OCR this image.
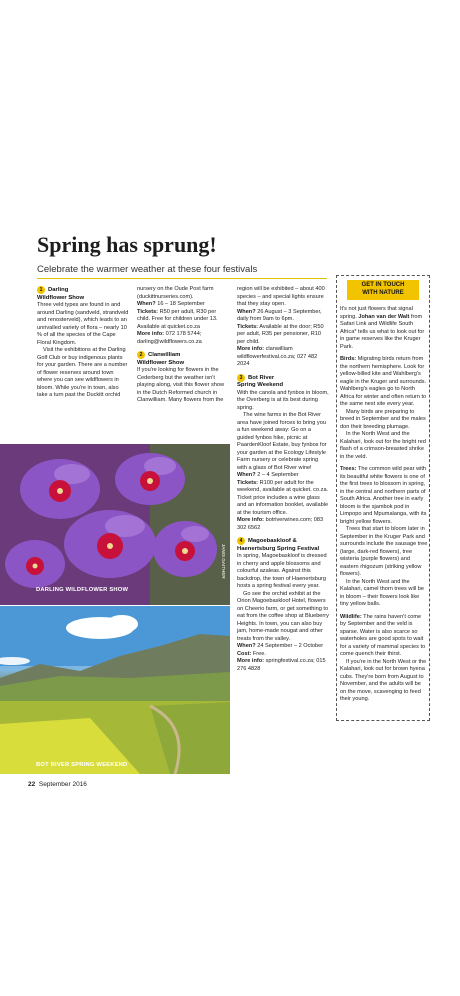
Spring has sprung!
Celebrate the warmer weather at these four festivals
1 Darling
Wildflower Show

Three veld types are found in and around Darling (sandveld, strandveld and renosterveld), which leads to an unrivalled variety of flora – nearly 10 % of all the species of the Cape Floral Kingdom.

Visit the exhibitions at the Darling Golf Club or buy indigenous plants for your garden. There are a number of flower reserves around town where you can see wildflowers in bloom. While you're in town, also take a turn past the Duckitt orchid

nursery on the Oude Post farm (duckittnurseries.com).

When? 16 – 18 September

Tickets: R50 per adult, R30 per child. Free for children under 13. Available at quicket.co.za

More info: 072 178 5744; darling@wildflowers.co.za

2 Clanwilliam
Wildflower Show

If you're looking for flowers in the Cederberg but the weather isn't playing along, visit this flower show in the Dutch Reformed church in Clanwilliam. Many flowers from the

region will be exhibited – about 400 species – and special lights ensure that they stay open.

When? 26 August – 3 September, daily from 9am to 6pm.

Tickets: Available at the door; R50 per adult, R35 per pensioner, R10 per child.

More info: clanwilliam wildflowerfestival.co.za; 027 482 2024

3 Bot River
Spring Weekend

With the canola and fynbos in bloom, the Overberg is at its best during spring.

The wine farms in the Bot River area have joined forces to bring you a fun weekend away: Go on a guided fynbos hike, picnic at PaardenKloof Estate, buy fynbos for your garden at the Ecology Lifestyle Farm nursery or celebrate spring with a glass of Bot River wine!

When? 2 – 4 September

Tickets: R100 per adult for the weekend, available at quicket. co.za. Ticket price includes a wine glass and an information booklet, available at the tourism office.

More info: botriverwines.com; 083 302 6562

4 Magoebaskloof &
Haenertsburg Spring Festival

In spring, Magoebaskloof is dressed in cherry and apple blossoms and colourful azaleas. Against this backdrop, the town of Haenertsburg hosts a spring festival every year.

Go see the orchid exhibit at the Orion Magoebaskloof Hotel, flowers on Cheerio farm, or get something to eat from the coffee shop at Blueberry Heights. In town, you can also buy jam, home-made nougat and other treats from the valley.

When? 24 September – 2 October

Cost: Free.

More info: springfestival.co.za; 015 276 4828

GET IN TOUCH
WITH NATURE

It's not just flowers that signal spring. Johan van der Walt from Safari Link and Wildlife South Africa* tells us what to look out for in game reserves like the Kruger Park.

Birds: Migrating birds return from the northern hemisphere. Look for yellow-billed kite and Wahlberg's eagle in the Kruger and surrounds. Wahlberg's eagles go to North Africa for winter and often return to the same nest site every year.

Many birds are preparing to breed in September and the males don their breeding plumage.

In the North West and the Kalahari, look out for the bright red flash of a crimson-breasted shrike in the veld.

Trees: The common wild pear with its beautiful white flowers is one of the first trees to blossom in spring, in the central and northern parts of South Africa. Another tree in early bloom is the sjambok pod in Limpopo and Mpumalanga, with its bright yellow flowers.

Trees that start to bloom later in September in the Kruger Park and surrounds include the sausage tree (large, dark-red flowers), tree wisteria (purple flowers) and eastern rhigozum (striking yellow flowers).

In the North West and the Kalahari, camel thorn trees will be in bloom – their flowers look like tiny yellow balls.

Wildlife: The rains haven't come by September and the veld is sparse. Water is also scarce so waterholes are good spots to wait for a variety of mammal species to come quench their thirst.

If you're in the North West or the Kalahari, look out for brown hyena cubs. They're born from August to November, and the adults will be on the move, scavenging to feed their young.

DARLING WILDFLOWER SHOW
JANIS GAITHER
BOT RIVER SPRING WEEKEND
22 September 2016
